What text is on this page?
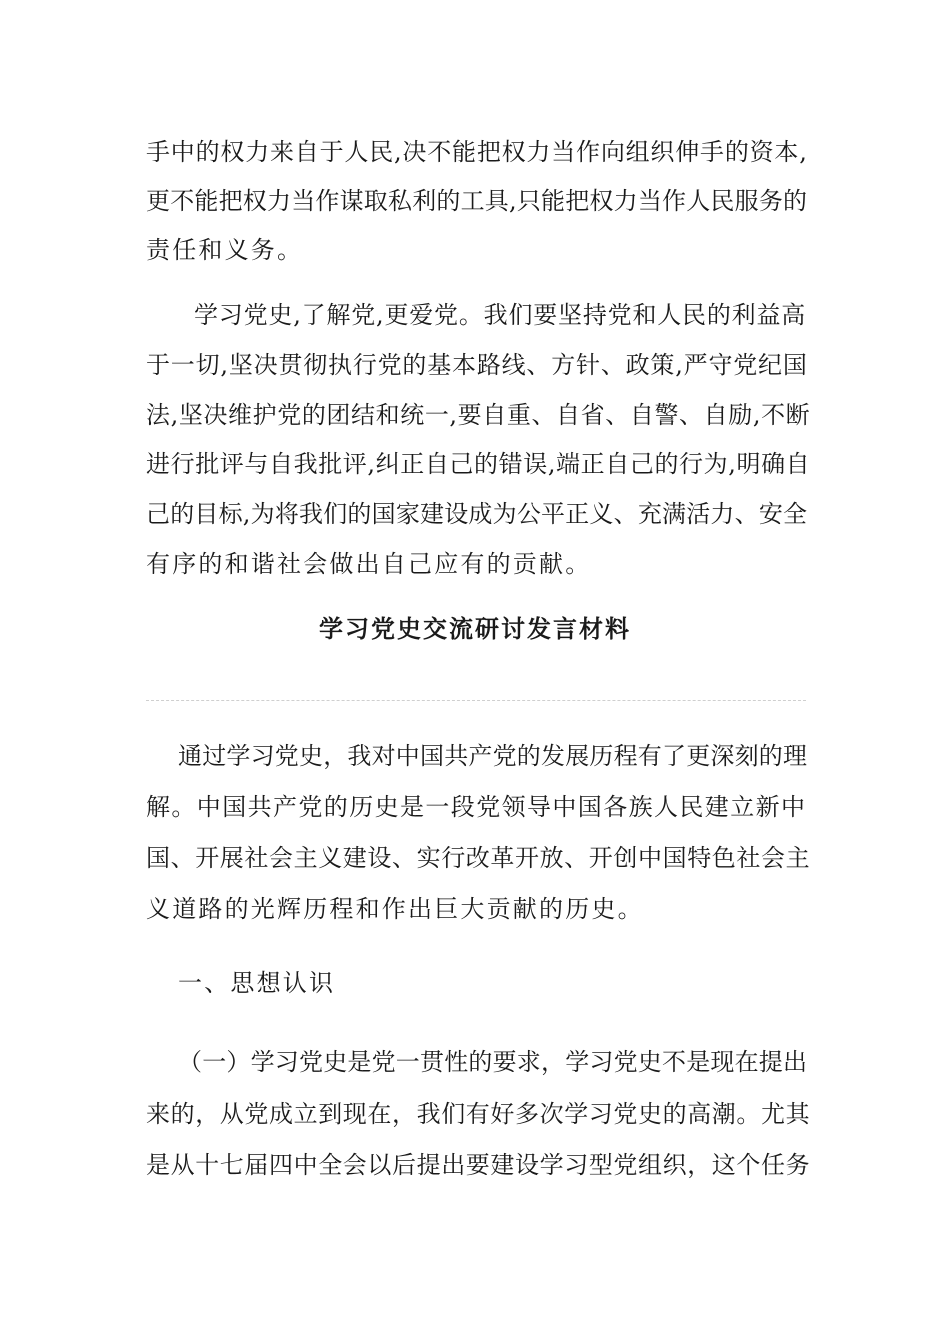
手中的权力来自于人民,决不能把权力当作向组织伸手的资本,
更不能把权力当作谋取私利的工具,只能把权力当作人民服务的
责任和义务。
学习党史,了解党,更爱党。我们要坚持党和人民的利益高
于一切,坚决贯彻执行党的基本路线、方针、政策,严守党纪国
法,坚决维护党的团结和统一,要自重、自省、自警、自励,不断
进行批评与自我批评,纠正自己的错误,端正自己的行为,明确自
己的目标,为将我们的国家建设成为公平正义、充满活力、安全
有序的和谐社会做出自己应有的贡献。
学习党史交流研讨发言材料
通过学习党史，我对中国共产党的发展历程有了更深刻的理
解。中国共产党的历史是一段党领导中国各族人民建立新中
国、开展社会主义建设、实行改革开放、开创中国特色社会主
义道路的光辉历程和作出巨大贡献的历史。
一、思想认识
（一）学习党史是党一贯性的要求，学习党史不是现在提出
来的，从党成立到现在，我们有好多次学习党史的高潮。尤其
是从十七届四中全会以后提出要建设学习型党组织，这个任务
